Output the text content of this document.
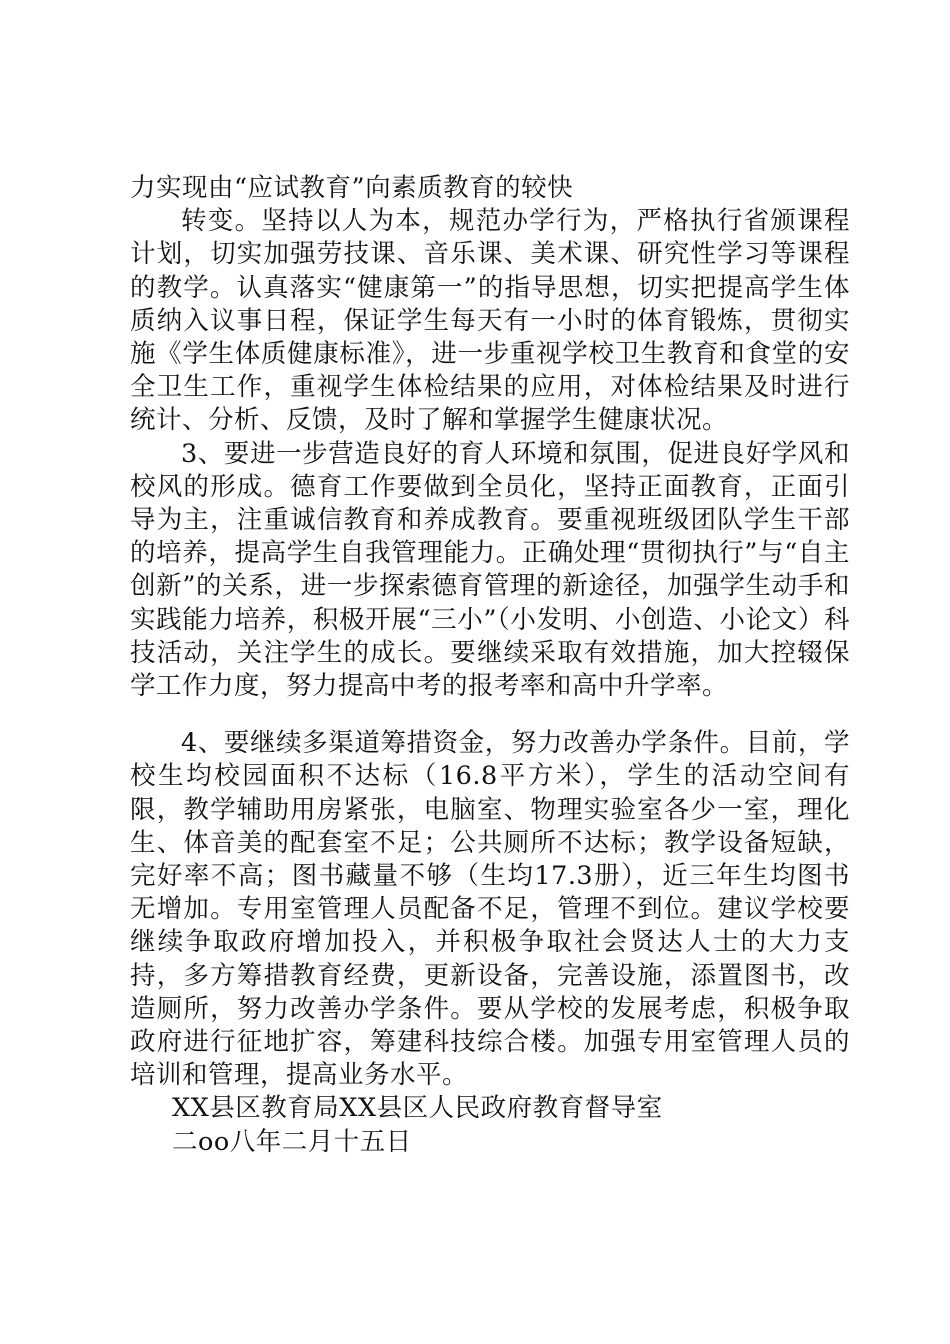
力实现由“应试教育”向素质教育的较快

转变。坚持以人为本，规范办学行为，严格执行省颁课程计划，切实加强劳技课、音乐课、美术课、研究性学习等课程的教学。认真落实“健康第一”的指导思想，切实把提高学生体质纳入议事日程，保证学生每天有一小时的体育锻炼，贯彻实施《学生体质健康标准》，进一步重视学校卫生教育和食堂的安全卫生工作，重视学生体检结果的应用，对体检结果及时进行统计、分析、反馈，及时了解和掌握学生健康状况。

3、要进一步营造良好的育人环境和氛围，促进良好学风和校风的形成。德育工作要做到全员化，坚持正面教育，正面引导为主，注重诚信教育和养成教育。要重视班级团队学生干部的培养，提高学生自我管理能力。正确处理“贯彻执行”与“自主创新”的关系，进一步探索德育管理的新途径，加强学生动手和实践能力培养，积极开展“三小”（小发明、小创造、小论文）科技活动，关注学生的成长。要继续采取有效措施，加大控辍保学工作力度，努力提高中考的报考率和高中升学率。

4、要继续多渠道筹措资金，努力改善办学条件。目前，学校生均校园面积不达标（16.8平方米），学生的活动空间有限，教学辅助用房紧张，电脑室、物理实验室各少一室，理化生、体音美的配套室不足；公共厕所不达标；教学设备短缺，完好率不高；图书藏量不够（生均17.3册），近三年生均图书无增加。专用室管理人员配备不足，管理不到位。建议学校要继续争取政府增加投入，并积极争取社会贤达人士的大力支持，多方筹措教育经费，更新设备，完善设施，添置图书，改造厕所，努力改善办学条件。要从学校的发展考虑，积极争取政府进行征地扩容，筹建科技综合楼。加强专用室管理人员的培训和管理，提高业务水平。

XX县区教育局XX县区人民政府教育督导室

二oo八年二月十五日
